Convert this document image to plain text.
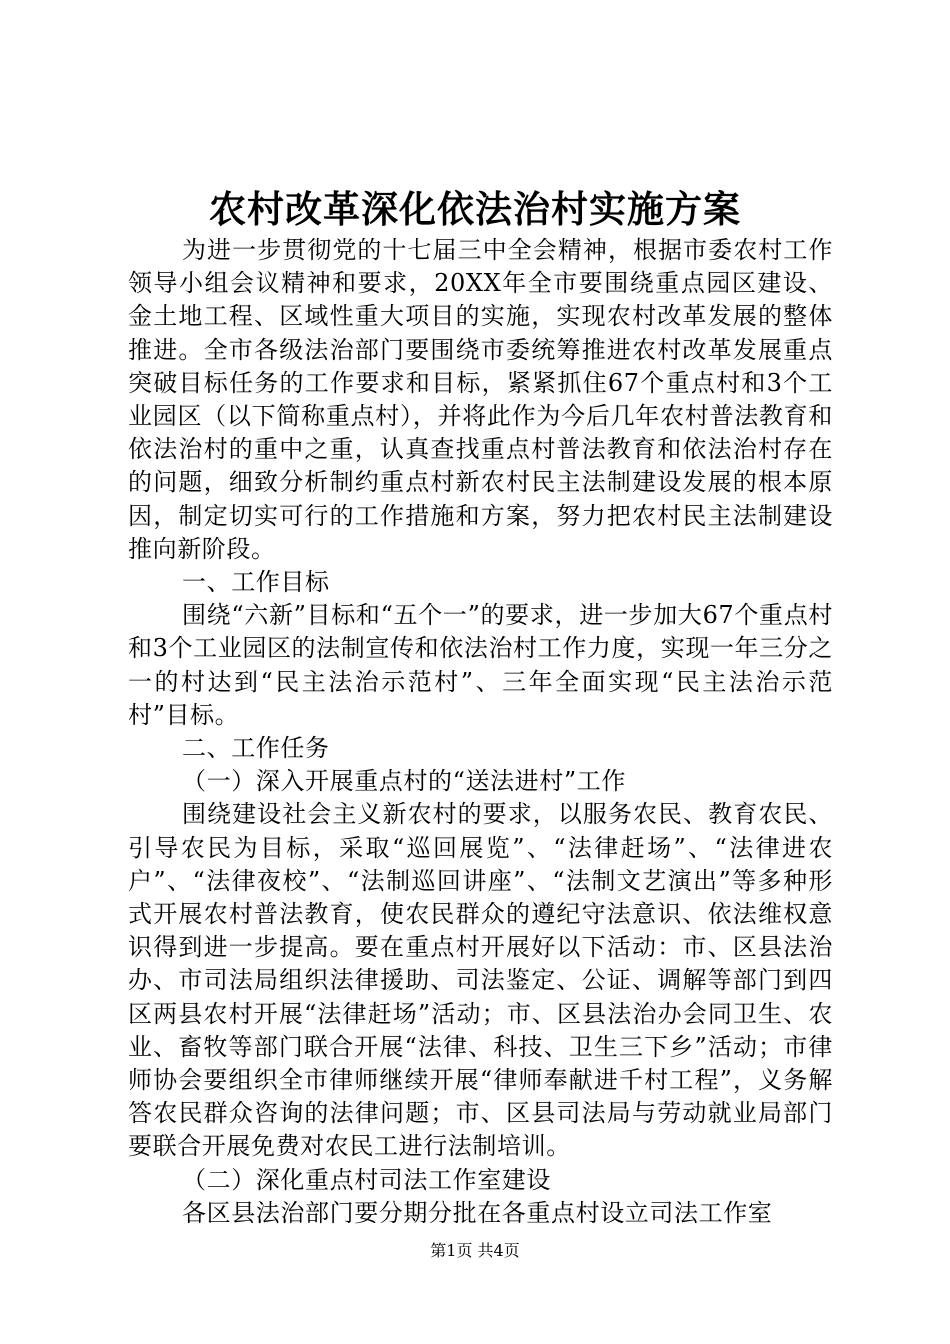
农村改革深化依法治村实施方案

为进一步贯彻党的十七届三中全会精神，根据市委农村工作领导小组会议精神和要求，20XX年全市要围绕重点园区建设、金土地工程、区域性重大项目的实施，实现农村改革发展的整体推进。全市各级法治部门要围绕市委统筹推进农村改革发展重点突破目标任务的工作要求和目标，紧紧抓住67个重点村和3个工业园区（以下简称重点村），并将此作为今后几年农村普法教育和依法治村的重中之重，认真查找重点村普法教育和依法治村存在的问题，细致分析制约重点村新农村民主法制建设发展的根本原因，制定切实可行的工作措施和方案，努力把农村民主法制建设推向新阶段。

一、工作目标

围绕“六新”目标和“五个一”的要求，进一步加大67个重点村和3个工业园区的法制宣传和依法治村工作力度，实现一年三分之一的村达到“民主法治示范村”、三年全面实现“民主法治示范村”目标。

二、工作任务

（一）深入开展重点村的“送法进村”工作

围绕建设社会主义新农村的要求，以服务农民、教育农民、引导农民为目标，采取“巡回展览”、“法律赶场”、“法律进农户”、“法律夜校”、“法制巡回讲座”、“法制文艺演出”等多种形式开展农村普法教育，使农民群众的遵纪守法意识、依法维权意识得到进一步提高。要在重点村开展好以下活动：市、区县法治办、市司法局组织法律援助、司法鉴定、公证、调解等部门到四区两县农村开展“法律赶场”活动；市、区县法治办会同卫生、农业、畜牧等部门联合开展“法律、科技、卫生三下乡”活动；市律师协会要组织全市律师继续开展“律师奉献进千村工程”，义务解答农民群众咨询的法律问题；市、区县司法局与劳动就业局部门要联合开展免费对农民工进行法制培训。

（二）深化重点村司法工作室建设

各区县法治部门要分期分批在各重点村设立司法工作室

第1页 共4页
